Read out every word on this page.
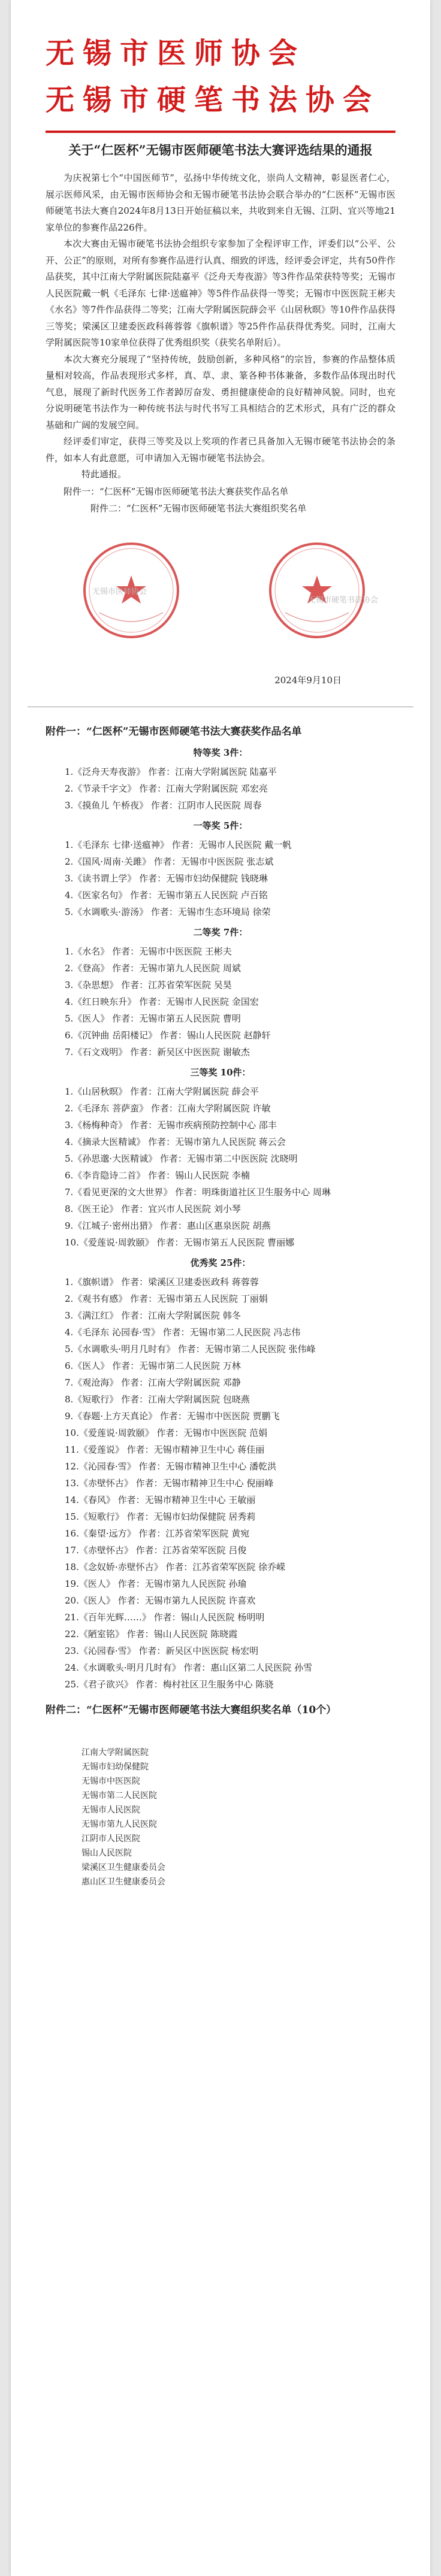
无锡市医师协会
无锡市硬笔书法协会
关于“仁医杯”无锡市医师硬笔书法大赛评选结果的通报

为庆祝第七个“中国医师节”，弘扬中华传统文化，崇尚人文精神，彰显医者仁心，展示医师风采，由无锡市医师协会和无锡市硬笔书法协会联合举办的“仁医杯”无锡市医师硬笔书法大赛自2024年8月13日开始征稿以来，共收到来自无锡、江阴、宜兴等地21家单位的参赛作品226件。

本次大赛由无锡市硬笔书法协会组织专家参加了全程评审工作，评委们以“公平、公开、公正”的原则，对所有参赛作品进行认真、细致的评选，经评委会评定，共有50件作品获奖，其中江南大学附属医院陆嘉平《泛舟天寿夜游》等3件作品荣获特等奖；无锡市人民医院戴一帆《毛泽东 七律·送瘟神》等5件作品获得一等奖；无锡市中医医院王彬夫《水名》等7件作品获得二等奖；江南大学附属医院薛会平《山居秋暝》等10件作品获得三等奖；梁溪区卫建委医政科蒋蓉蓉《旗帜谱》等25件作品获得优秀奖。同时，江南大学附属医院等10家单位获得了优秀组织奖（获奖名单附后）。

本次大赛充分展现了“坚持传统，鼓励创新，多种风格”的宗旨，参赛的作品整体质量相对较高，作品表现形式多样，真、草、隶、篆各种书体兼备，多数作品体现出时代气息，展现了新时代医务工作者踔厉奋发、勇担健康使命的良好精神风貌。同时，也充分说明硬笔书法作为一种传统书法与时代书写工具相结合的艺术形式，具有广泛的群众基础和广阔的发展空间。

经评委们审定，获得三等奖及以上奖项的作者已具备加入无锡市硬笔书法协会的条件，如本人有此意愿，可申请加入无锡市硬笔书法协会。

特此通报。

附件一：“仁医杯”无锡市医师硬笔书法大赛获奖作品名单

附件二：“仁医杯”无锡市医师硬笔书法大赛组织奖名单

无锡市医师协会
无锡市硬笔书法协会
2024年9月10日

附件一：“仁医杯”无锡市医师硬笔书法大赛获奖作品名单

特等奖 3件：

1.《泛舟天寿夜游》 作者：江南大学附属医院 陆嘉平

2.《节录千字文》 作者：江南大学附属医院 邓宏亮

3.《摸鱼儿 午桥夜》 作者：江阴市人民医院 周春

一等奖 5件：

1.《毛泽东 七律·送瘟神》 作者：无锡市人民医院 戴一帆

2.《国风·周南·关雎》 作者：无锡市中医医院 张志斌

3.《读书谓上学》 作者：无锡市妇幼保健院 钱晓琳

4.《医家名句》 作者：无锡市第五人民医院 卢百铭

5.《水调歌头·游汤》 作者：无锡市生态环境局 徐荣

二等奖 7件：

1.《水名》 作者：无锡市中医医院 王彬夫

2.《登高》 作者：无锡市第九人民医院 周斌

3.《杂思想》 作者：江苏省荣军医院 吴昊

4.《红日映东升》 作者：无锡市人民医院 金国宏

5.《医人》 作者：无锡市第五人民医院 曹明

6.《沉钟曲 岳阳楼记》 作者：锡山人民医院 赵静轩

7.《石文戏明》 作者：新吴区中医医院 谢敏杰

三等奖 10件：

1.《山居秋暝》 作者：江南大学附属医院 薛会平

2.《毛泽东 菩萨蛮》 作者：江南大学附属医院 许敏

3.《杨梅种奇》 作者：无锡市疾病预防控制中心 邵丰

4.《摘录大医精诚》 作者：无锡市第九人民医院 蒋云会

5.《孙思邈·大医精诚》 作者：无锡市第二中医医院 沈晓明

6.《李肯隐诗二首》 作者：锡山人民医院 李楠

7.《看见更深的文大世界》 作者：明珠街道社区卫生服务中心 周琳

8.《医王论》 作者：宜兴市人民医院 刘小琴

9.《江城子·密州出猎》 作者：惠山区惠泉医院 胡燕

10.《爱莲说·周敦颐》 作者：无锡市第五人民医院 曹丽娜

优秀奖 25件：

1.《旗帜谱》 作者：梁溪区卫建委医政科 蒋蓉蓉

2.《观书有感》 作者：无锡市第五人民医院 丁丽娟

3.《满江红》 作者：江南大学附属医院 韩冬

4.《毛泽东 沁园春·雪》 作者：无锡市第二人民医院 冯志伟

5.《水调歌头·明月几时有》 作者：无锡市第二人民医院 张伟峰

6.《医人》 作者：无锡市第二人民医院 万林

7.《观沧海》 作者：江南大学附属医院 邓静

8.《短歌行》 作者：江南大学附属医院 包晓燕

9.《春题·上方天真论》 作者：无锡市中医医院 贾鹏飞

10.《爱莲说·周敦颐》 作者：无锡市中医医院 范娟

11.《爱莲说》 作者：无锡市精神卫生中心 蒋佳丽

12.《沁园春·雪》 作者：无锡市精神卫生中心 潘乾洪

13.《赤壁怀古》 作者：无锡市精神卫生中心 倪丽峰

14.《春风》 作者：无锡市精神卫生中心 王敏丽

15.《短歌行》 作者：无锡市妇幼保健院 居秀莉

16.《秦望·远方》 作者：江苏省荣军医院 黄宛

17.《赤壁怀古》 作者：江苏省荣军医院 吕俊

18.《念奴娇·赤壁怀古》 作者：江苏省荣军医院 徐乔嵘

19.《医人》 作者：无锡市第九人民医院 孙瑜

20.《医人》 作者：无锡市第九人民医院 许喜欢

21.《百年光辉……》 作者：锡山人民医院 杨明明

22.《陋室铭》 作者：锡山人民医院 陈晓霞

23.《沁园春·雪》 作者：新吴区中医医院 杨宏明

24.《水调歌头·明月几时有》 作者：惠山区第二人民医院 孙雪

25.《君子欲兴》 作者：梅村社区卫生服务中心 陈骁

附件二：“仁医杯”无锡市医师硬笔书法大赛组织奖名单（10个）

江南大学附属医院

无锡市妇幼保健院

无锡市中医医院

无锡市第二人民医院

无锡市人民医院

无锡市第九人民医院

江阴市人民医院

锡山人民医院

梁溪区卫生健康委员会

惠山区卫生健康委员会
